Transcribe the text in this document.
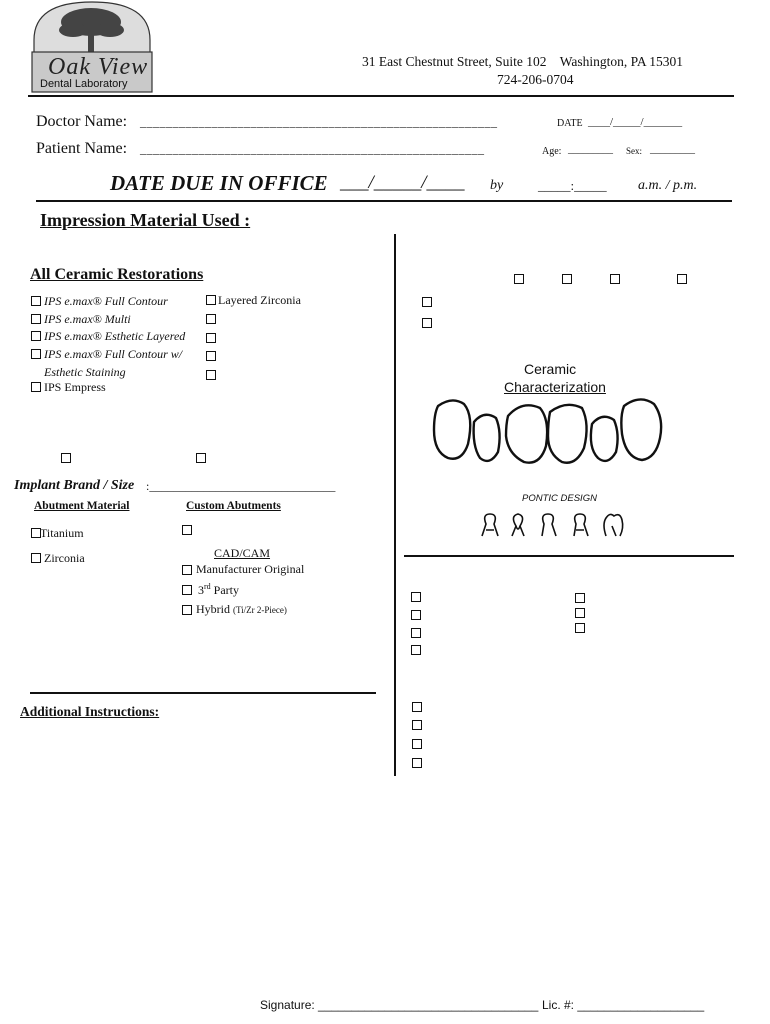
Oak View
Dental Laboratory
31 East Chestnut Street, Suite 102    Washington, PA 15301
724-206-0704
Doctor Name: _______________________________________________________	DATE ____/_____/_______
Patient Name: _____________________________________________________	Age: _________ Sex: _________
DATE DUE IN OFFICE ___/_____/____ by	_____:_____ a.m. / p.m.
Impression Material Used :
All Ceramic Restorations
IPS e.max® Full Contour
IPS e.max® Multi
IPS e.max® Esthetic Layered
IPS e.max® Full Contour w/
Esthetic Staining
IPS Empress
Layered Zirconia
Implant Brand / Size :_______________________________
Abutment Material	Custom Abutments
Titanium
Zirconia	CAD/CAM
Manufacturer Original
3rd Party
Hybrid (Ti/Zr 2-Piece)
Additional Instructions:
Ceramic
Characterization
PONTIC DESIGN
Signature: _________________________________ Lic. #: ___________________
